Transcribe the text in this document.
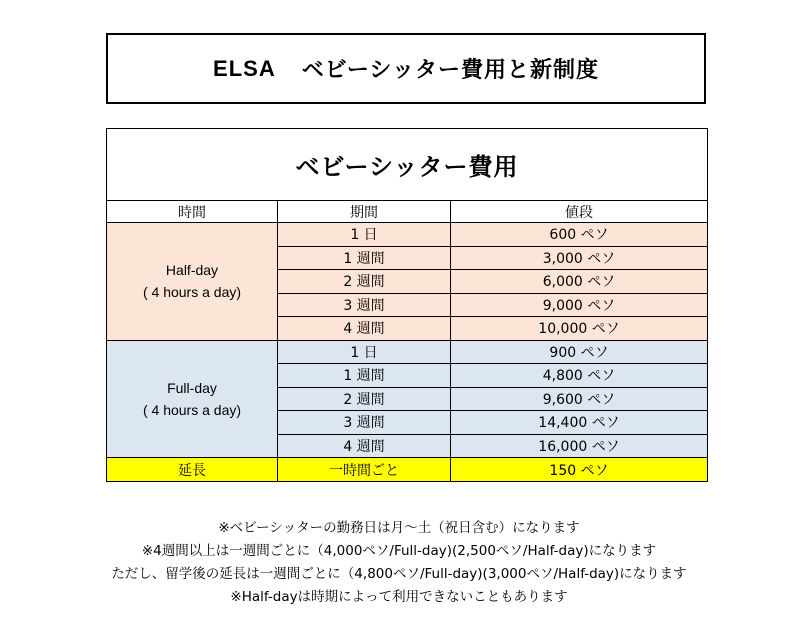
ELSA ベビーシッター費用と新制度
ベビーシッター費用		
時間	期間	値段

Half-day
( 4 hours a day)	1 日	600 ペソ
	1 週間	3,000 ペソ
	2 週間	6,000 ペソ
	3 週間	9,000 ペソ
	4 週間	10,000 ペソ

Full-day
( 4 hours a day)	1 日	900 ペソ
	1 週間	4,800 ペソ
	2 週間	9,600 ペソ
	3 週間	14,400 ペソ
	4 週間	16,000 ペソ
延長	一時間ごと	150 ペソ
※ベビーシッターの勤務日は月～土（祝日含む）になります
※4週間以上は一週間ごとに（4,000ペソ/Full-day)(2,500ペソ/Half-day)になります
ただし、留学後の延長は一週間ごとに（4,800ペソ/Full-day)(3,000ペソ/Half-day)になります
※Half-dayは時期によって利用できないこともあります
